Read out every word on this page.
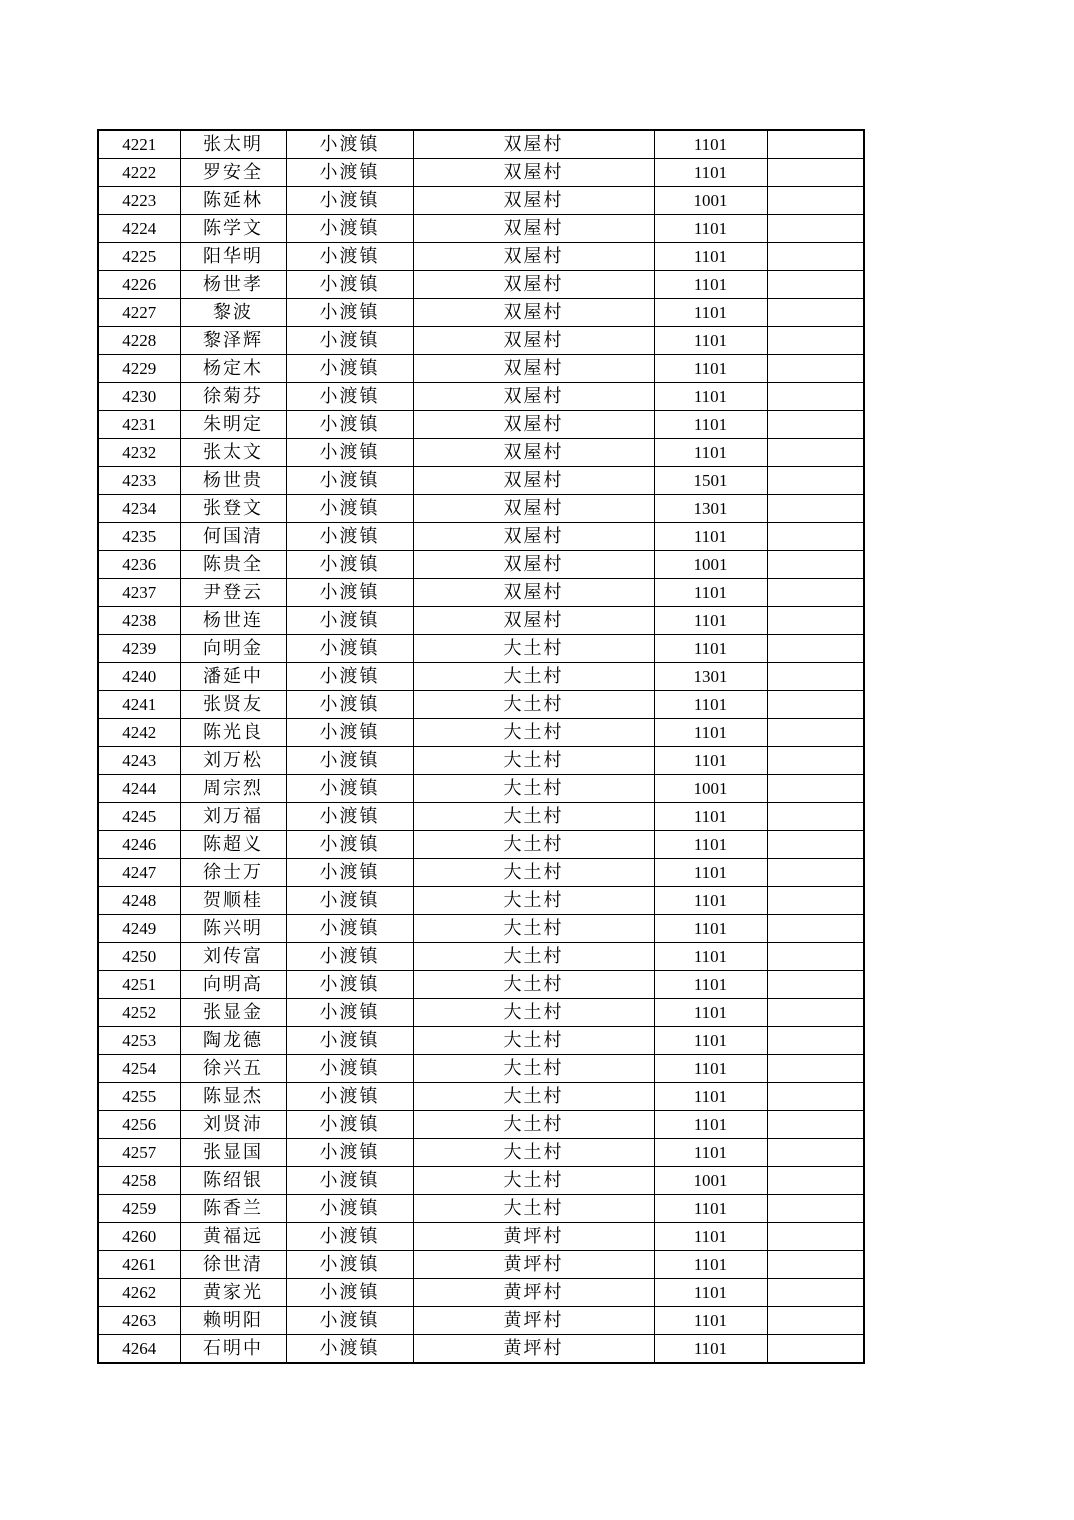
4221	张太明	小渡镇	双屋村	1101	
4222	罗安全	小渡镇	双屋村	1101	
4223	陈延林	小渡镇	双屋村	1001	
4224	陈学文	小渡镇	双屋村	1101	
4225	阳华明	小渡镇	双屋村	1101	
4226	杨世孝	小渡镇	双屋村	1101	
4227	黎波	小渡镇	双屋村	1101	
4228	黎泽辉	小渡镇	双屋村	1101	
4229	杨定木	小渡镇	双屋村	1101	
4230	徐菊芬	小渡镇	双屋村	1101	
4231	朱明定	小渡镇	双屋村	1101	
4232	张太文	小渡镇	双屋村	1101	
4233	杨世贵	小渡镇	双屋村	1501	
4234	张登文	小渡镇	双屋村	1301	
4235	何国清	小渡镇	双屋村	1101	
4236	陈贵全	小渡镇	双屋村	1001	
4237	尹登云	小渡镇	双屋村	1101	
4238	杨世连	小渡镇	双屋村	1101	
4239	向明金	小渡镇	大土村	1101	
4240	潘延中	小渡镇	大土村	1301	
4241	张贤友	小渡镇	大土村	1101	
4242	陈光良	小渡镇	大土村	1101	
4243	刘万松	小渡镇	大土村	1101	
4244	周宗烈	小渡镇	大土村	1001	
4245	刘万福	小渡镇	大土村	1101	
4246	陈超义	小渡镇	大土村	1101	
4247	徐士万	小渡镇	大土村	1101	
4248	贺顺桂	小渡镇	大土村	1101	
4249	陈兴明	小渡镇	大土村	1101	
4250	刘传富	小渡镇	大土村	1101	
4251	向明高	小渡镇	大土村	1101	
4252	张显金	小渡镇	大土村	1101	
4253	陶龙德	小渡镇	大土村	1101	
4254	徐兴五	小渡镇	大土村	1101	
4255	陈显杰	小渡镇	大土村	1101	
4256	刘贤沛	小渡镇	大土村	1101	
4257	张显国	小渡镇	大土村	1101	
4258	陈绍银	小渡镇	大土村	1001	
4259	陈香兰	小渡镇	大土村	1101	
4260	黄福远	小渡镇	黄坪村	1101	
4261	徐世清	小渡镇	黄坪村	1101	
4262	黄家光	小渡镇	黄坪村	1101	
4263	赖明阳	小渡镇	黄坪村	1101	
4264	石明中	小渡镇	黄坪村	1101	
